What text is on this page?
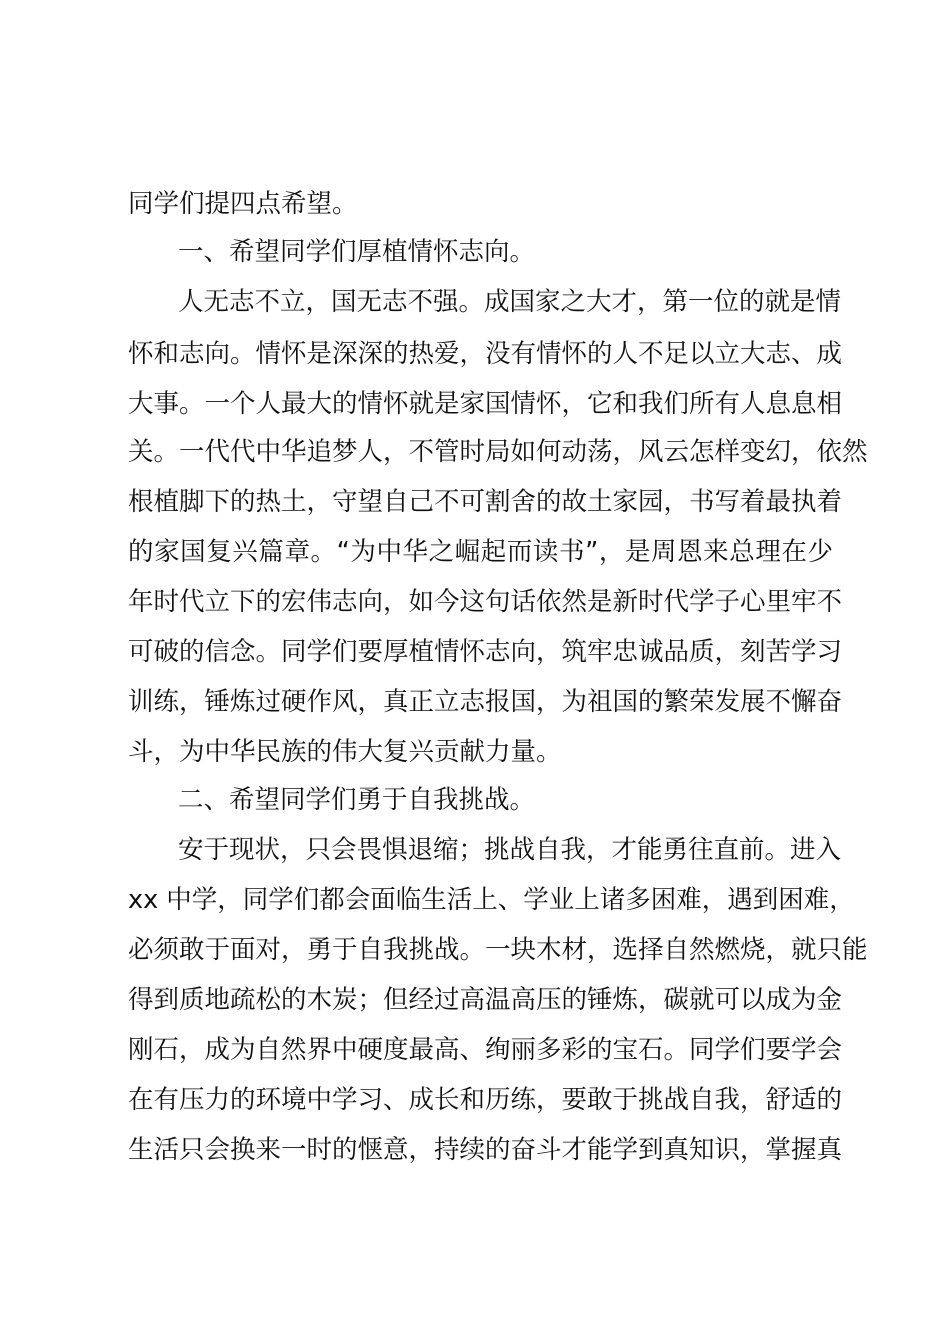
同学们提四点希望。
一、希望同学们厚植情怀志向。
人无志不立，国无志不强。成国家之大才，第一位的就是情
怀和志向。情怀是深深的热爱，没有情怀的人不足以立大志、成
大事。一个人最大的情怀就是家国情怀，它和我们所有人息息相
关。一代代中华追梦人，不管时局如何动荡，风云怎样变幻，依然
根植脚下的热土，守望自己不可割舍的故土家园，书写着最执着
的家国复兴篇章。“为中华之崛起而读书”，是周恩来总理在少
年时代立下的宏伟志向，如今这句话依然是新时代学子心里牢不
可破的信念。同学们要厚植情怀志向，筑牢忠诚品质，刻苦学习
训练，锤炼过硬作风，真正立志报国，为祖国的繁荣发展不懈奋
斗，为中华民族的伟大复兴贡献力量。
二、希望同学们勇于自我挑战。
安于现状，只会畏惧退缩；挑战自我，才能勇往直前。进入
xx 中学，同学们都会面临生活上、学业上诸多困难，遇到困难，
必须敢于面对，勇于自我挑战。一块木材，选择自然燃烧，就只能
得到质地疏松的木炭；但经过高温高压的锤炼，碳就可以成为金
刚石，成为自然界中硬度最高、绚丽多彩的宝石。同学们要学会
在有压力的环境中学习、成长和历练，要敢于挑战自我，舒适的
生活只会换来一时的惬意，持续的奋斗才能学到真知识，掌握真
